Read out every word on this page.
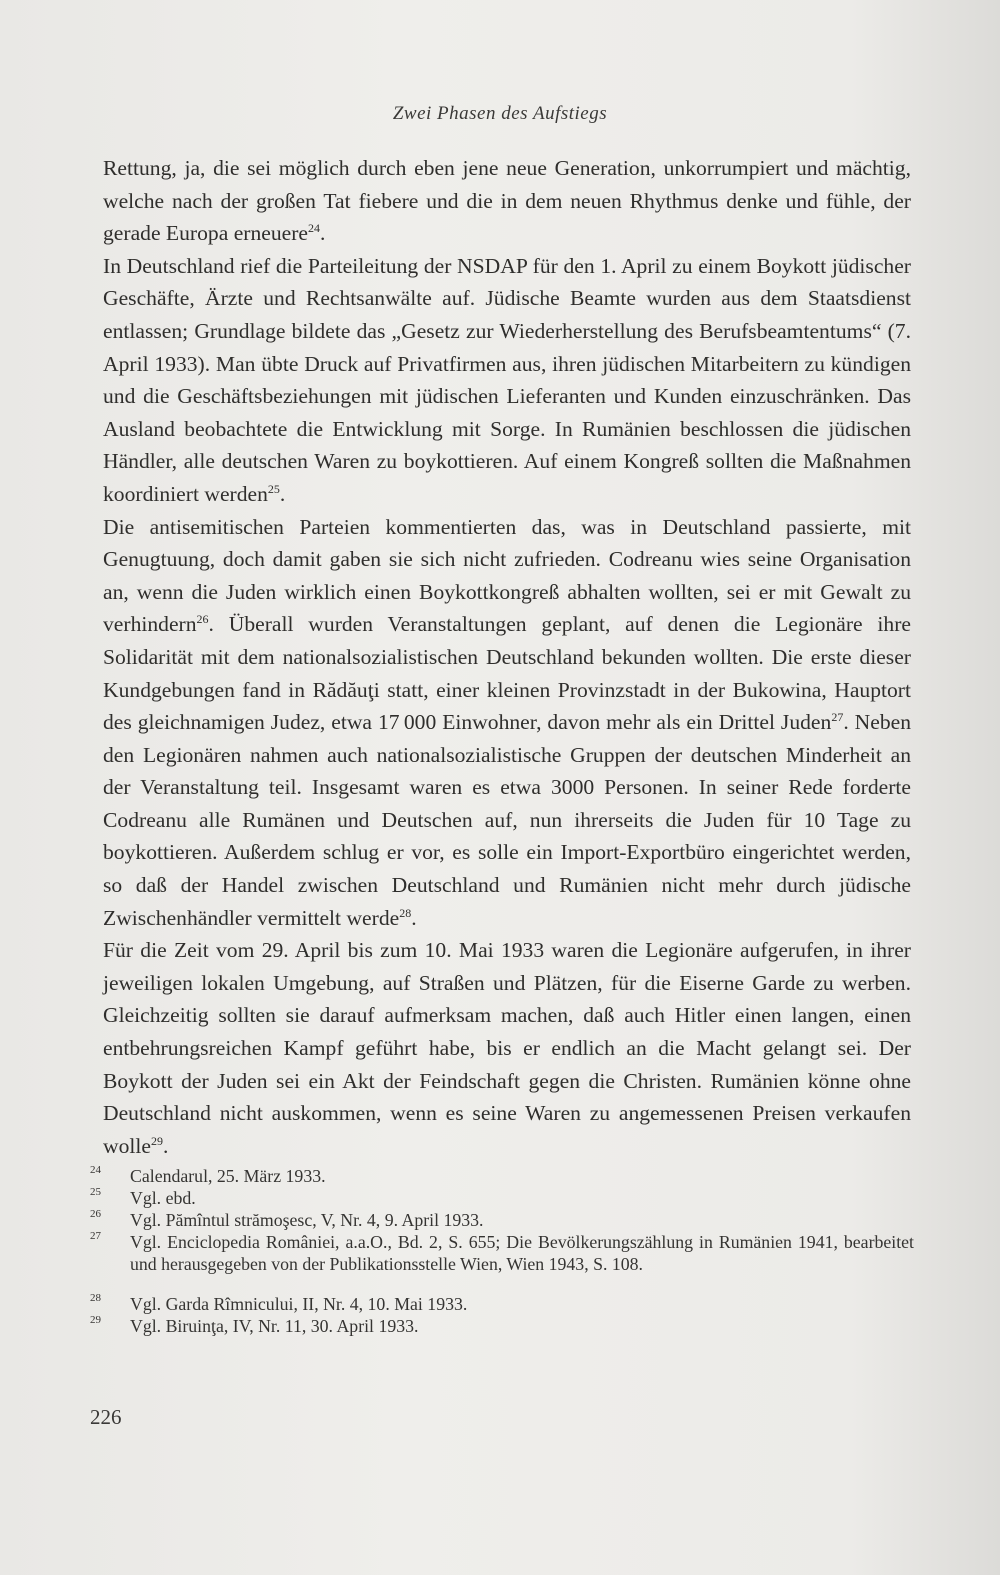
Zwei Phasen des Aufstiegs

Rettung, ja, die sei möglich durch eben jene neue Generation, unkorrumpiert und mächtig, welche nach der großen Tat fiebere und die in dem neuen Rhythmus denke und fühle, der gerade Europa erneuere$^{24}$.

In Deutschland rief die Parteileitung der NSDAP für den 1. April zu einem Boykott jüdischer Geschäfte, Ärzte und Rechtsanwälte auf. Jüdische Beamte wurden aus dem Staatsdienst entlassen; Grundlage bildete das „Gesetz zur Wiederherstellung des Berufsbeamtentums“ (7. April 1933). Man übte Druck auf Privatfirmen aus, ihren jüdischen Mitarbeitern zu kündigen und die Geschäftsbeziehungen mit jüdischen Lieferanten und Kunden einzuschränken. Das Ausland beobachtete die Entwicklung mit Sorge. In Rumänien beschlossen die jüdischen Händler, alle deutschen Waren zu boykottieren. Auf einem Kongreß sollten die Maßnahmen koordiniert werden$^{25}$.

Die antisemitischen Parteien kommentierten das, was in Deutschland passierte, mit Genugtuung, doch damit gaben sie sich nicht zufrieden. Codreanu wies seine Organisation an, wenn die Juden wirklich einen Boykottkongreß abhalten wollten, sei er mit Gewalt zu verhindern$^{26}$. Überall wurden Veranstaltungen geplant, auf denen die Legionäre ihre Solidarität mit dem nationalsozialistischen Deutschland bekunden wollten. Die erste dieser Kundgebungen fand in Rădăuţi statt, einer kleinen Provinzstadt in der Bukowina, Hauptort des gleichnamigen Judez, etwa 17 000 Einwohner, davon mehr als ein Drittel Juden$^{27}$. Neben den Legionären nahmen auch nationalsozialistische Gruppen der deutschen Minderheit an der Veranstaltung teil. Insgesamt waren es etwa 3000 Personen. In seiner Rede forderte Codreanu alle Rumänen und Deutschen auf, nun ihrerseits die Juden für 10 Tage zu boykottieren. Außerdem schlug er vor, es solle ein Import-Exportbüro eingerichtet werden, so daß der Handel zwischen Deutschland und Rumänien nicht mehr durch jüdische Zwischenhändler vermittelt werde$^{28}$.

Für die Zeit vom 29. April bis zum 10. Mai 1933 waren die Legionäre aufgerufen, in ihrer jeweiligen lokalen Umgebung, auf Straßen und Plätzen, für die Eiserne Garde zu werben. Gleichzeitig sollten sie darauf aufmerksam machen, daß auch Hitler einen langen, einen entbehrungsreichen Kampf geführt habe, bis er endlich an die Macht gelangt sei. Der Boykott der Juden sei ein Akt der Feindschaft gegen die Christen. Rumänien könne ohne Deutschland nicht auskommen, wenn es seine Waren zu angemessenen Preisen verkaufen wolle$^{29}$.

24 Calendarul, 25. März 1933.

25 Vgl. ebd.

26 Vgl. Pămîntul strămoşesc, V, Nr. 4, 9. April 1933.

27 Vgl. Enciclopedia României, a.a.O., Bd. 2, S. 655; Die Bevölkerungszählung in Rumänien 1941, bearbeitet und herausgegeben von der Publikationsstelle Wien, Wien 1943, S. 108.

28 Vgl. Garda Rîmnicului, II, Nr. 4, 10. Mai 1933.

29 Vgl. Biruinţa, IV, Nr. 11, 30. April 1933.

226
